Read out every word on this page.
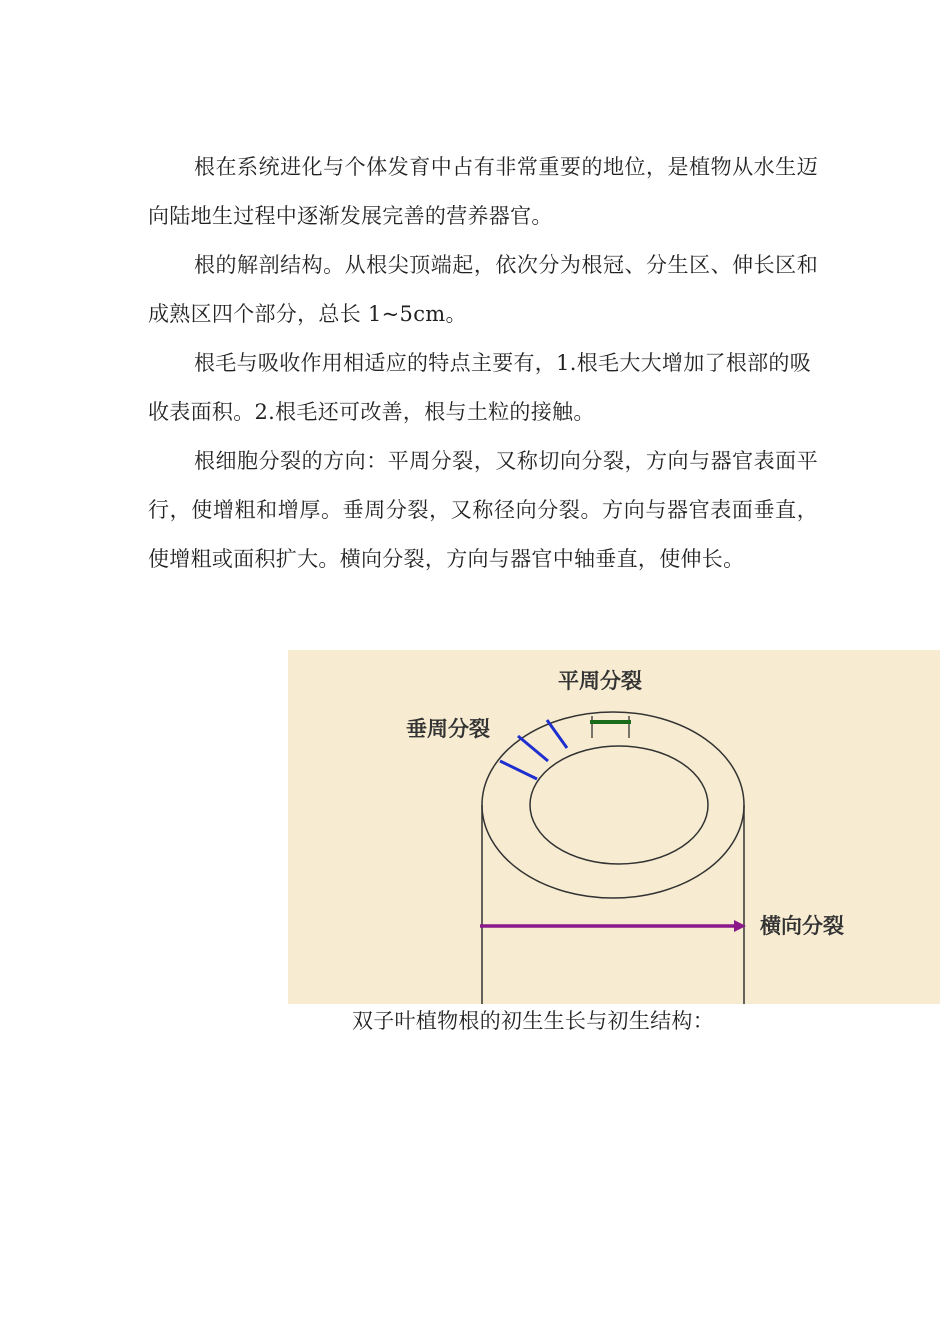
根在系统进化与个体发育中占有非常重要的地位，是植物从水生迈向陆地生过程中逐渐发展完善的营养器官。

根的解剖结构。从根尖顶端起，依次分为根冠、分生区、伸长区和成熟区四个部分，总长 1~5cm。

根毛与吸收作用相适应的特点主要有，1.根毛大大增加了根部的吸收表面积。2.根毛还可改善，根与土粒的接触。

根细胞分裂的方向：平周分裂，又称切向分裂，方向与器官表面平行，使增粗和增厚。垂周分裂，又称径向分裂。方向与器官表面垂直，使增粗或面积扩大。横向分裂，方向与器官中轴垂直，使伸长。

平周分裂
垂周分裂
横向分裂
双子叶植物根的初生生长与初生结构：
